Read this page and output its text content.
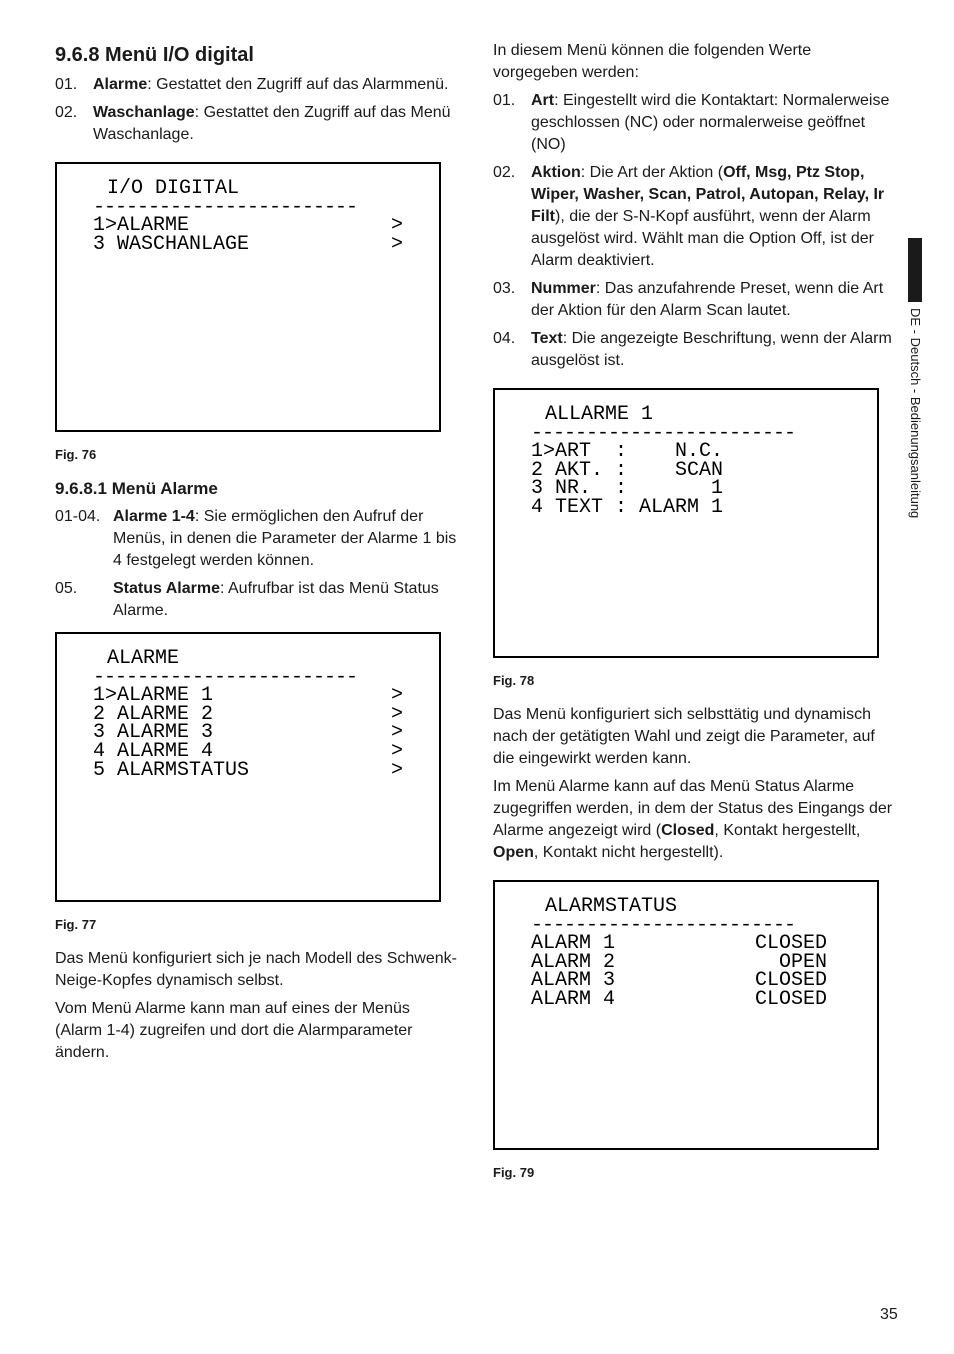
9.6.8 Menü I/O digital
01. Alarme: Gestattet den Zugriff auf das Alarmmenü.
02. Waschanlage: Gestattet den Zugriff auf das Menü Waschanlage.
I/O DIGITAL
------------------------
1>ALARME	>
3 WASCHANLAGE	>
Fig. 76
9.6.8.1 Menü Alarme
01-04. Alarme 1-4: Sie ermöglichen den Aufruf der Menüs, in denen die Parameter der Alarme 1 bis 4 festgelegt werden können.
05.	Status Alarme: Aufrufbar ist das Menü Status Alarme.
ALARME
------------------------
1>ALARME 1	>
2 ALARME 2	>
3 ALARME 3	>
4 ALARME 4	>
5 ALARMSTATUS	>
Fig. 77

Das Menü konfiguriert sich je nach Modell des Schwenk-Neige-Kopfes dynamisch selbst.

Vom Menü Alarme kann man auf eines der Menüs (Alarm 1-4) zugreifen und dort die Alarmparameter ändern.

In diesem Menü können die folgenden Werte vorgegeben werden:

01. Art: Eingestellt wird die Kontaktart: Normalerweise geschlossen (NC) oder normalerweise geöffnet (NO)
02. Aktion: Die Art der Aktion (Off, Msg, Ptz Stop, Wiper, Washer, Scan, Patrol, Autopan, Relay, Ir Filt), die der S-N-Kopf ausführt, wenn der Alarm ausgelöst wird. Wählt man die Option Off, ist der Alarm deaktiviert.
03. Nummer: Das anzufahrende Preset, wenn die Art der Aktion für den Alarm Scan lautet.
04. Text: Die angezeigte Beschriftung, wenn der Alarm ausgelöst ist.
ALLARME 1
------------------------
1>ART  :    N.C.
2 AKT. :    SCAN
3 NR.  :       1
4 TEXT : ALARM 1
Fig. 78

Das Menü konfiguriert sich selbsttätig und dynamisch nach der getätigten Wahl und zeigt die Parameter, auf die eingewirkt werden kann.

Im Menü Alarme kann auf das Menü Status Alarme zugegriffen werden, in dem der Status des Eingangs der Alarme angezeigt wird (Closed, Kontakt hergestellt, Open, Kontakt nicht hergestellt).

ALARMSTATUS
------------------------
ALARM 1	CLOSED
ALARM 2	OPEN
ALARM 3	CLOSED
ALARM 4	CLOSED
Fig. 79
DE - Deutsch - Bedienungsanleitung
35
